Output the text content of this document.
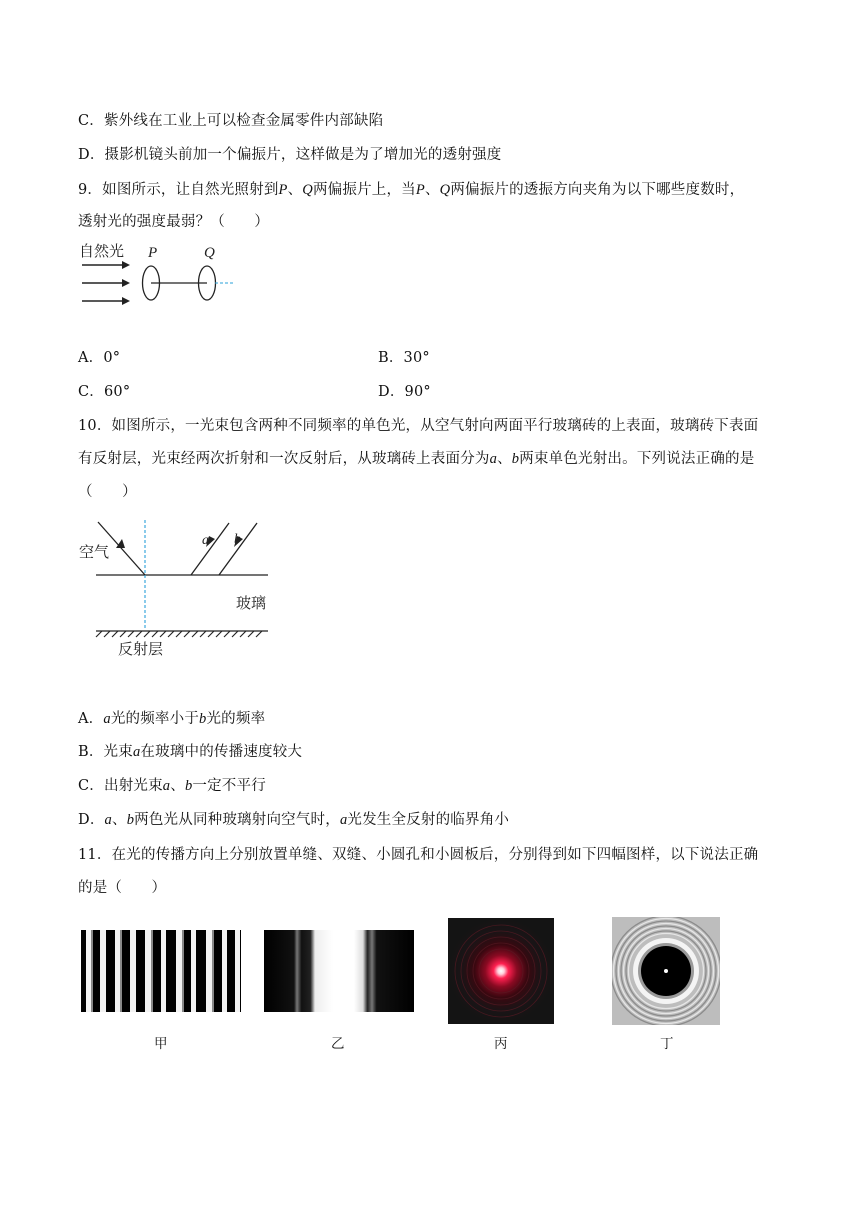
C．紫外线在工业上可以检查金属零件内部缺陷
D．摄影机镜头前加一个偏振片，这样做是为了增加光的透射强度
9．如图所示，让自然光照射到P、Q两偏振片上，当P、Q两偏振片的透振方向夹角为以下哪些度数时，
透射光的强度最弱？（　　）
自然光 P	Q
A．0°	B．30°
C．60°	D．90°
10．如图所示，一光束包含两种不同频率的单色光，从空气射向两面平行玻璃砖的上表面，玻璃砖下表面
有反射层，光束经两次折射和一次反射后，从玻璃砖上表面分为a、b两束单色光射出。下列说法正确的是
（　　）
空气
a b
玻璃
反射层
A．a光的频率小于b光的频率
B．光束a在玻璃中的传播速度较大
C．出射光束a、b一定不平行
D．a、b两色光从同种玻璃射向空气时，a光发生全反射的临界角小
11．在光的传播方向上分别放置单缝、双缝、小圆孔和小圆板后，分别得到如下四幅图样，以下说法正确
的是（　　）
甲	乙	丙	丁
